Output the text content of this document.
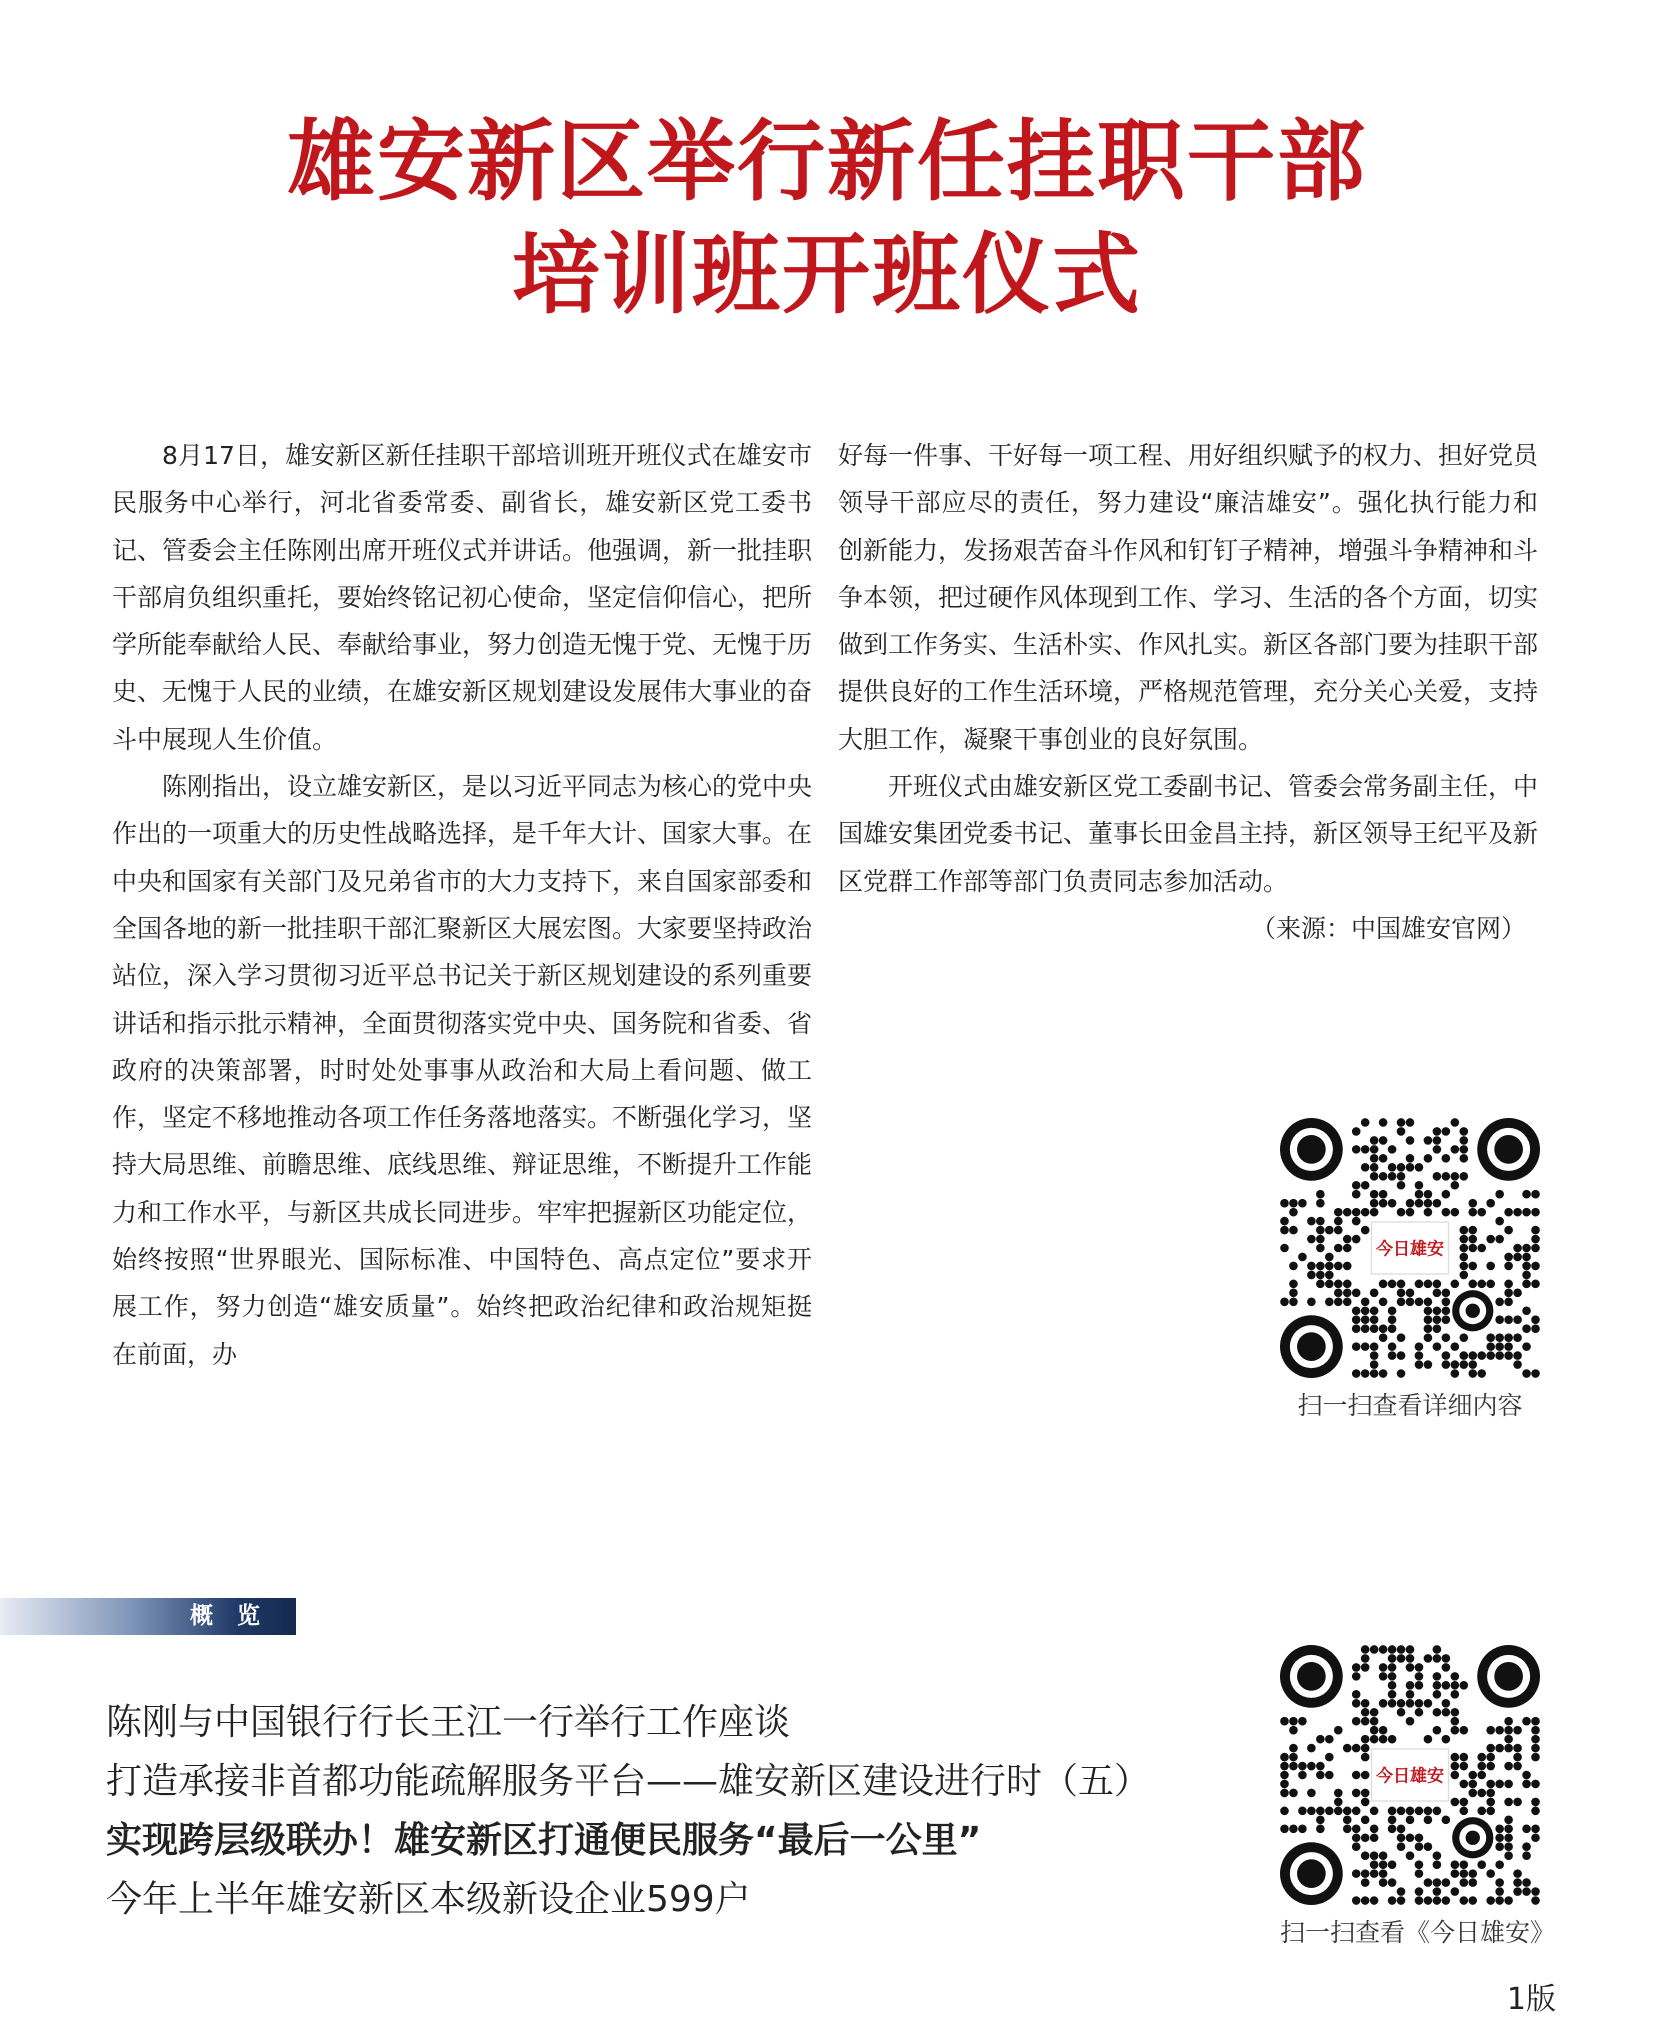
雄安新区举行新任挂职干部
培训班开班仪式

8月17日，雄安新区新任挂职干部培训班开班仪式在雄安市民服务中心举行，河北省委常委、副省长，雄安新区党工委书记、管委会主任陈刚出席开班仪式并讲话。他强调，新一批挂职干部肩负组织重托，要始终铭记初心使命，坚定信仰信心，把所学所能奉献给人民、奉献给事业，努力创造无愧于党、无愧于历史、无愧于人民的业绩，在雄安新区规划建设发展伟大事业的奋斗中展现人生价值。

陈刚指出，设立雄安新区，是以习近平同志为核心的党中央作出的一项重大的历史性战略选择，是千年大计、国家大事。在中央和国家有关部门及兄弟省市的大力支持下，来自国家部委和全国各地的新一批挂职干部汇聚新区大展宏图。大家要坚持政治站位，深入学习贯彻习近平总书记关于新区规划建设的系列重要讲话和指示批示精神，全面贯彻落实党中央、国务院和省委、省政府的决策部署，时时处处事事从政治和大局上看问题、做工作，坚定不移地推动各项工作任务落地落实。不断强化学习，坚持大局思维、前瞻思维、底线思维、辩证思维，不断提升工作能力和工作水平，与新区共成长同进步。牢牢把握新区功能定位，始终按照“世界眼光、国际标准、中国特色、高点定位”要求开展工作，努力创造“雄安质量”。始终把政治纪律和政治规矩挺在前面，办

好每一件事、干好每一项工程、用好组织赋予的权力、担好党员领导干部应尽的责任，努力建设“廉洁雄安”。强化执行能力和创新能力，发扬艰苦奋斗作风和钉钉子精神，增强斗争精神和斗争本领，把过硬作风体现到工作、学习、生活的各个方面，切实做到工作务实、生活朴实、作风扎实。新区各部门要为挂职干部提供良好的工作生活环境，严格规范管理，充分关心关爱，支持大胆工作，凝聚干事创业的良好氛围。

开班仪式由雄安新区党工委副书记、管委会常务副主任，中国雄安集团党委书记、董事长田金昌主持，新区领导王纪平及新区党群工作部等部门负责同志参加活动。

（来源：中国雄安官网）

今日雄安
扫一扫查看详细内容
概 览
陈刚与中国银行行长王江一行举行工作座谈
打造承接非首都功能疏解服务平台——雄安新区建设进行时（五）
实现跨层级联办！雄安新区打通便民服务“最后一公里”
今年上半年雄安新区本级新设企业599户
今日雄安
扫一扫查看《今日雄安》
1版
